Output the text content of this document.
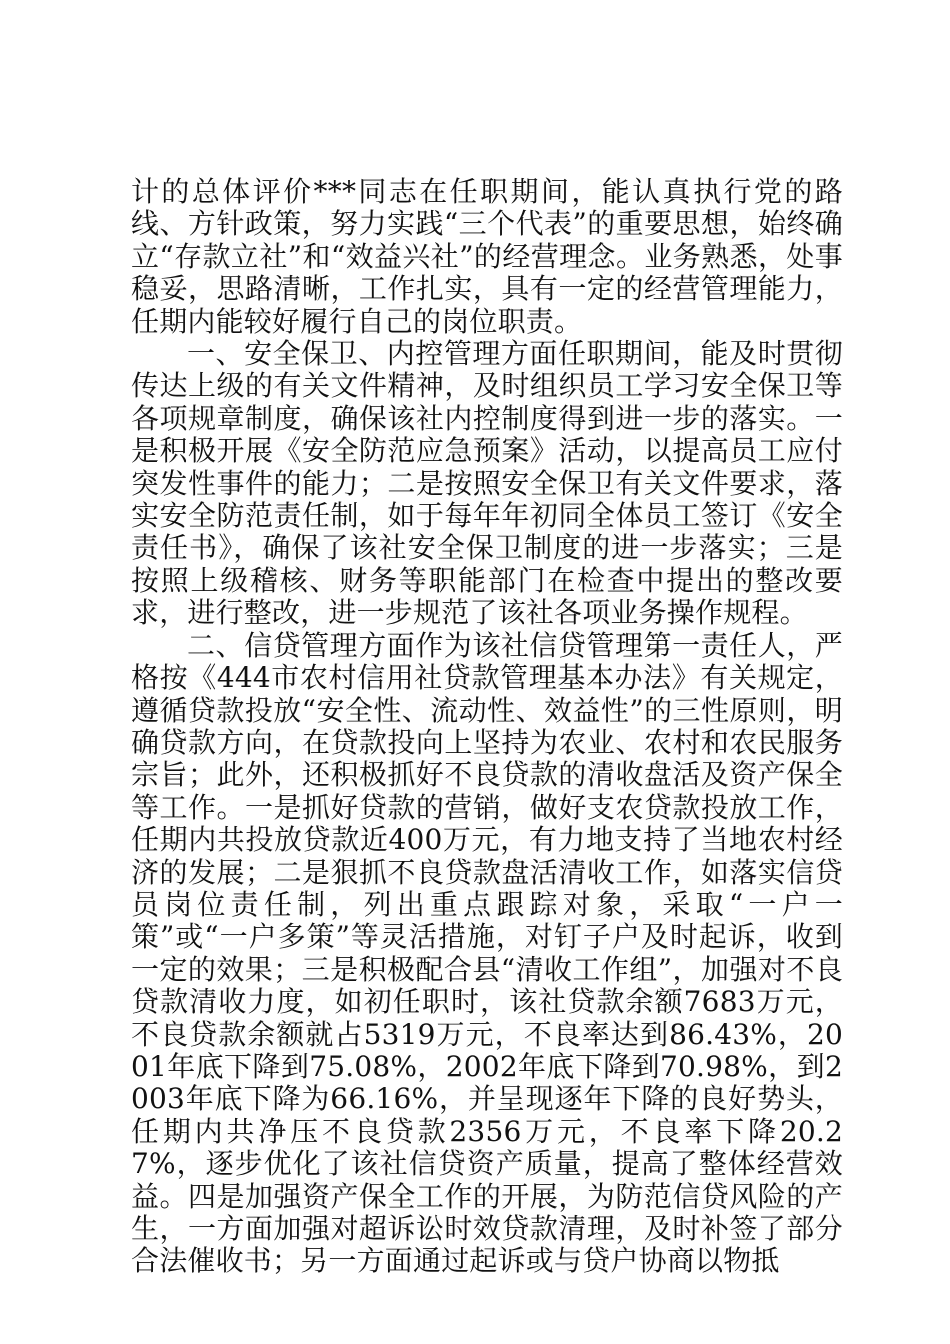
计的总体评价***同志在任职期间，能认真执行党的路线、方针政策，努力实践“三个代表”的重要思想，始终确立“存款立社”和“效益兴社”的经营理念。业务熟悉，处事稳妥，思路清晰，工作扎实，具有一定的经营管理能力，任期内能较好履行自己的岗位职责。

一、安全保卫、内控管理方面任职期间，能及时贯彻传达上级的有关文件精神，及时组织员工学习安全保卫等各项规章制度，确保该社内控制度得到进一步的落实。一是积极开展《安全防范应急预案》活动，以提高员工应付突发性事件的能力；二是按照安全保卫有关文件要求，落实安全防范责任制，如于每年年初同全体员工签订《安全责任书》，确保了该社安全保卫制度的进一步落实；三是按照上级稽核、财务等职能部门在检查中提出的整改要求，进行整改，进一步规范了该社各项业务操作规程。

二、信贷管理方面作为该社信贷管理第一责任人，严格按《444市农村信用社贷款管理基本办法》有关规定，遵循贷款投放“安全性、流动性、效益性”的三性原则，明确贷款方向，在贷款投向上坚持为农业、农村和农民服务宗旨；此外，还积极抓好不良贷款的清收盘活及资产保全等工作。一是抓好贷款的营销，做好支农贷款投放工作，任期内共投放贷款近400万元，有力地支持了当地农村经济的发展；二是狠抓不良贷款盘活清收工作，如落实信贷员岗位责任制，列出重点跟踪对象，采取“一户一策”或“一户多策”等灵活措施，对钉子户及时起诉，收到一定的效果；三是积极配合县“清收工作组”，加强对不良贷款清收力度，如初任职时，该社贷款余额7683万元，不良贷款余额就占5319万元，不良率达到86.43%，2001年底下降到75.08%，2002年底下降到70.98%，到2003年底下降为66.16%，并呈现逐年下降的良好势头，任期内共净压不良贷款2356万元，不良率下降20.27%，逐步优化了该社信贷资产质量，提高了整体经营效益。四是加强资产保全工作的开展，为防范信贷风险的产生，一方面加强对超诉讼时效贷款清理，及时补签了部分合法催收书；另一方面通过起诉或与贷户协商以物抵
